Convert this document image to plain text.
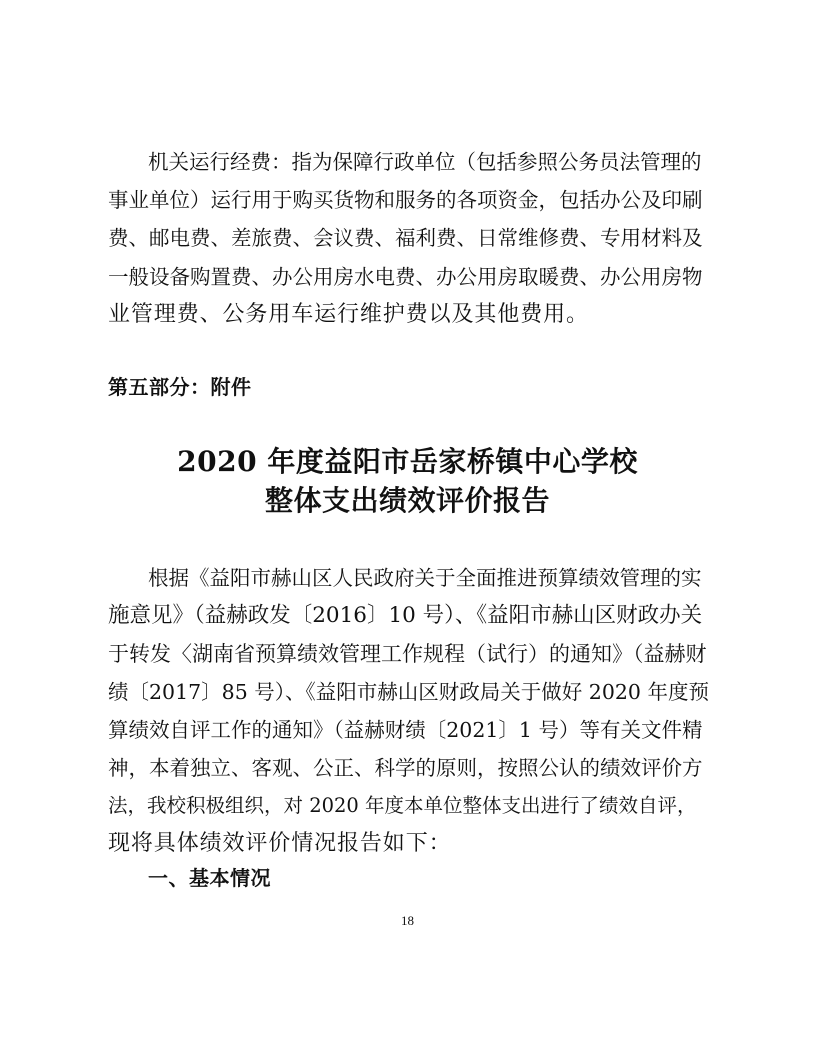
机关运行经费：指为保障行政单位（包括参照公务员法管理的
事业单位）运行用于购买货物和服务的各项资金，包括办公及印刷
费、邮电费、差旅费、会议费、福利费、日常维修费、专用材料及
一般设备购置费、办公用房水电费、办公用房取暖费、办公用房物
业管理费、公务用车运行维护费以及其他费用。
第五部分：附件
2020 年度益阳市岳家桥镇中心学校
整体支出绩效评价报告
根据《益阳市赫山区人民政府关于全面推进预算绩效管理的实
施意见》（益赫政发〔2016〕10 号）、《益阳市赫山区财政办关
于转发〈湖南省预算绩效管理工作规程（试行）的通知》（益赫财
绩〔2017〕85 号）、《益阳市赫山区财政局关于做好 2020 年度预
算绩效自评工作的通知》（益赫财绩〔2021〕1 号）等有关文件精
神，本着独立、客观、公正、科学的原则，按照公认的绩效评价方
法，我校积极组织，对 2020 年度本单位整体支出进行了绩效自评，
现将具体绩效评价情况报告如下：
一、基本情况
18
